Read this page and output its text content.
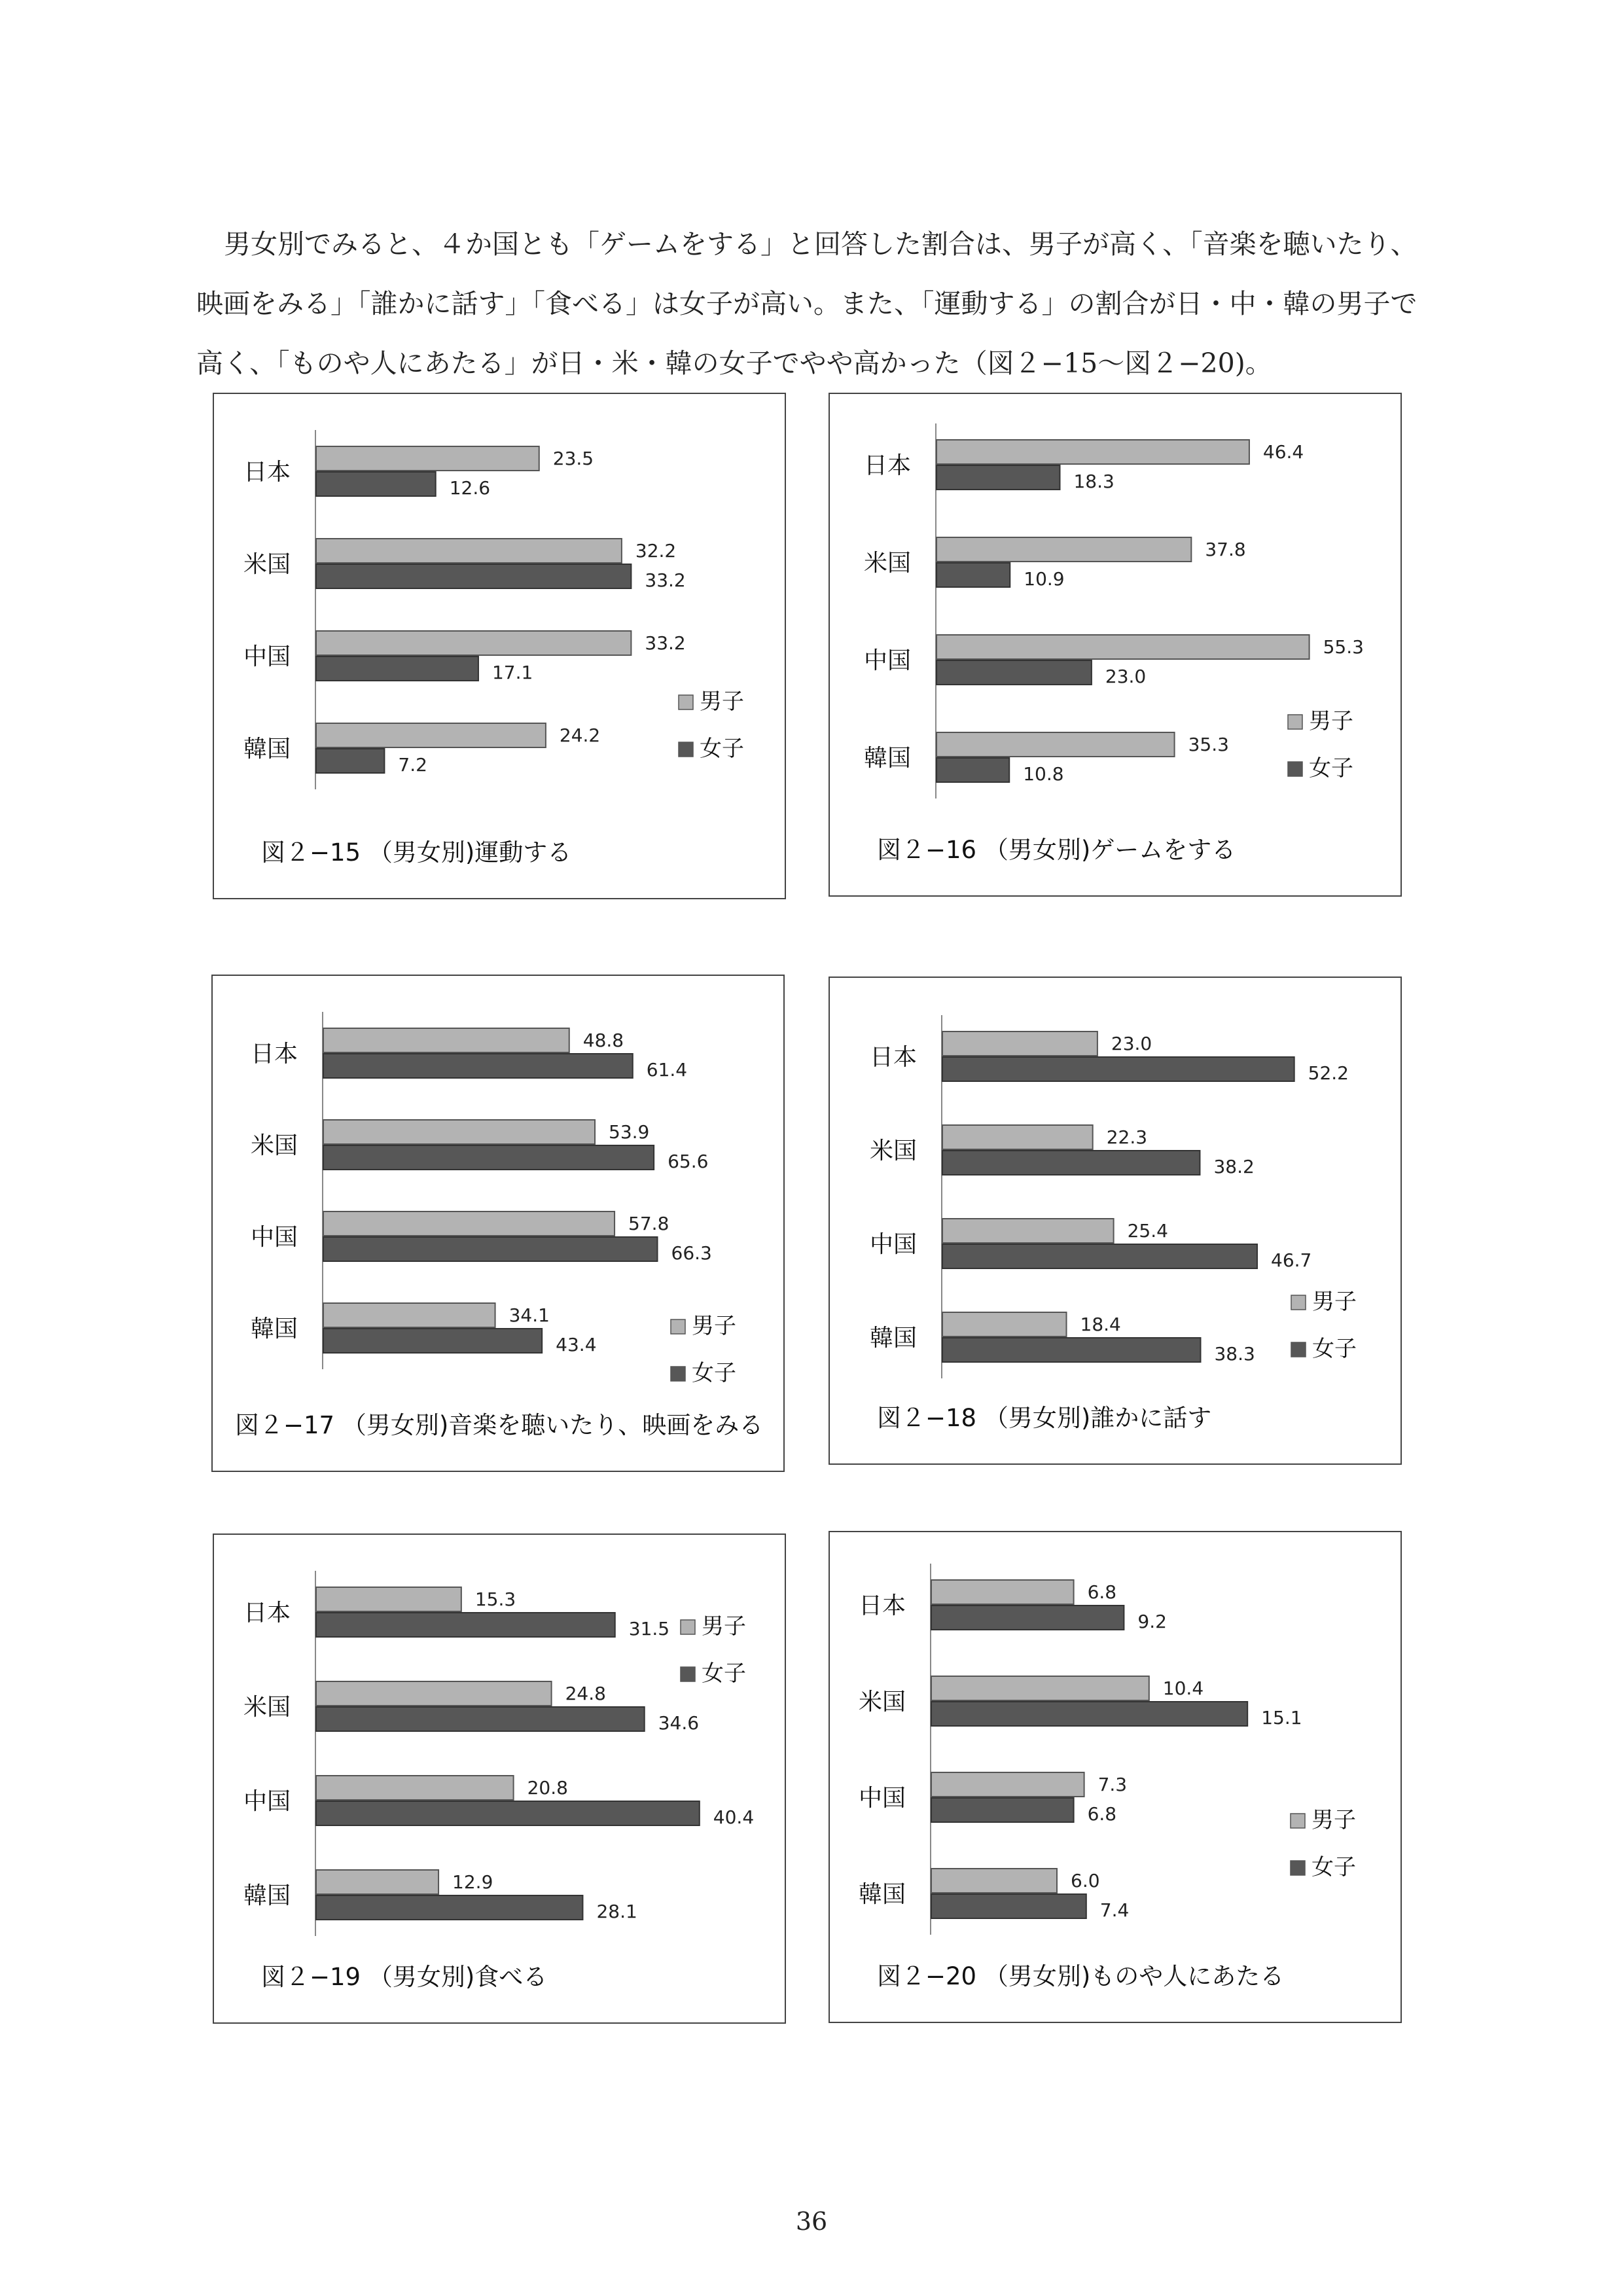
男女別でみると、４か国とも「ゲームをする」と回答した割合は、男子が高く、「音楽を聴いたり、映画をみる」「誰かに話す」「食べる」は女子が高い。また、「運動する」の割合が日・中・韓の男子で高く、「ものや人にあたる」が日・米・韓の女子でやや高かった（図２−15〜図２−20)。

日本
23.5
12.6
米国
32.2
33.2
中国
33.2
17.1
韓国
24.2
7.2
男子
女子
図２−15 （男女別)運動する
日本
46.4
18.3
米国
37.8
10.9
中国
55.3
23.0
韓国
35.3
10.8
男子
女子
図２−16 （男女別)ゲームをする
日本
48.8
61.4
米国
53.9
65.6
中国
57.8
66.3
韓国
34.1
43.4
男子
女子
図２−17 （男女別)音楽を聴いたり、映画をみる
日本
23.0
52.2
米国
22.3
38.2
中国
25.4
46.7
韓国
18.4
38.3
男子
女子
図２−18 （男女別)誰かに話す
日本
15.3
31.5
米国
24.8
34.6
中国
20.8
40.4
韓国
12.9
28.1
男子
女子
図２−19 （男女別)食べる
日本
6.8
9.2
米国
10.4
15.1
中国
7.3
6.8
韓国
6.0
7.4
男子
女子
図２−20 （男女別)ものや人にあたる
36
